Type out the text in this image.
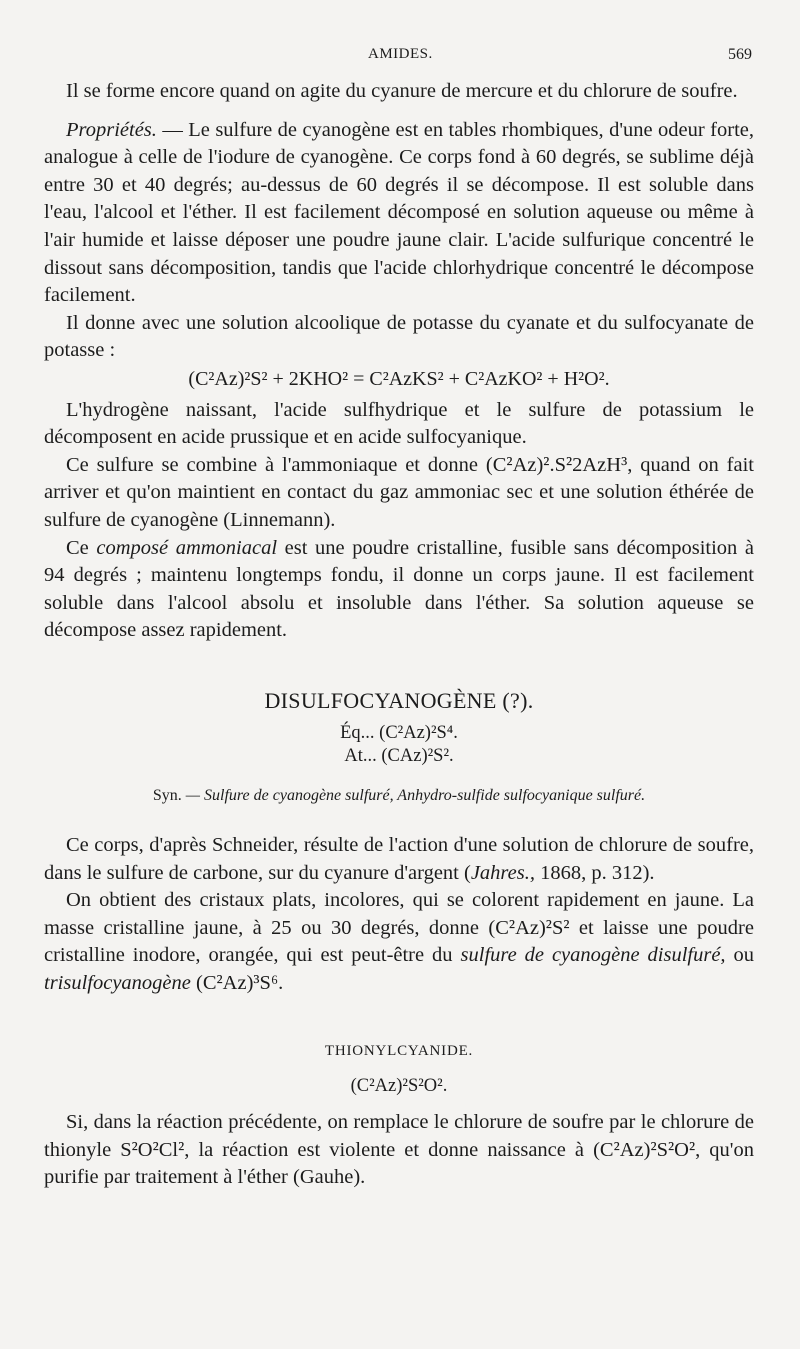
AMIDES.	569

Il se forme encore quand on agite du cyanure de mercure et du chlorure de soufre.

Propriétés. — Le sulfure de cyanogène est en tables rhombiques, d'une odeur forte, analogue à celle de l'iodure de cyanogène. Ce corps fond à 60 degrés, se sublime déjà entre 30 et 40 degrés; au-dessus de 60 degrés il se décompose. Il est soluble dans l'eau, l'alcool et l'éther. Il est facilement décomposé en solution aqueuse ou même à l'air humide et laisse déposer une poudre jaune clair. L'acide sulfurique concentré le dissout sans décomposition, tandis que l'acide chlorhydrique concentré le décompose facilement.

Il donne avec une solution alcoolique de potasse du cyanate et du sulfocyanate de potasse :

(C²Az)²S² + 2KHO² = C²AzKS² + C²AzKO² + H²O².

L'hydrogène naissant, l'acide sulfhydrique et le sulfure de potassium le décomposent en acide prussique et en acide sulfocyanique.

Ce sulfure se combine à l'ammoniaque et donne (C²Az)².S²2AzH³, quand on fait arriver et qu'on maintient en contact du gaz ammoniac sec et une solution éthérée de sulfure de cyanogène (Linnemann).

Ce composé ammoniacal est une poudre cristalline, fusible sans décomposition à 94 degrés ; maintenu longtemps fondu, il donne un corps jaune. Il est facilement soluble dans l'alcool absolu et insoluble dans l'éther. Sa solution aqueuse se décompose assez rapidement.

DISULFOCYANOGÈNE (?).
Éq... (C²Az)²S⁴.
At... (CAz)²S².
Syn. — Sulfure de cyanogène sulfuré, Anhydro-sulfide sulfocyanique sulfuré.

Ce corps, d'après Schneider, résulte de l'action d'une solution de chlorure de soufre, dans le sulfure de carbone, sur du cyanure d'argent (Jahres., 1868, p. 312).

On obtient des cristaux plats, incolores, qui se colorent rapidement en jaune. La masse cristalline jaune, à 25 ou 30 degrés, donne (C²Az)²S² et laisse une poudre cristalline inodore, orangée, qui est peut-être du sulfure de cyanogène disulfuré, ou trisulfocyanogène (C²Az)³S⁶.

THIONYLCYANIDE.
(C²Az)²S²O².

Si, dans la réaction précédente, on remplace le chlorure de soufre par le chlorure de thionyle S²O²Cl², la réaction est violente et donne naissance à (C²Az)²S²O², qu'on purifie par traitement à l'éther (Gauhe).
